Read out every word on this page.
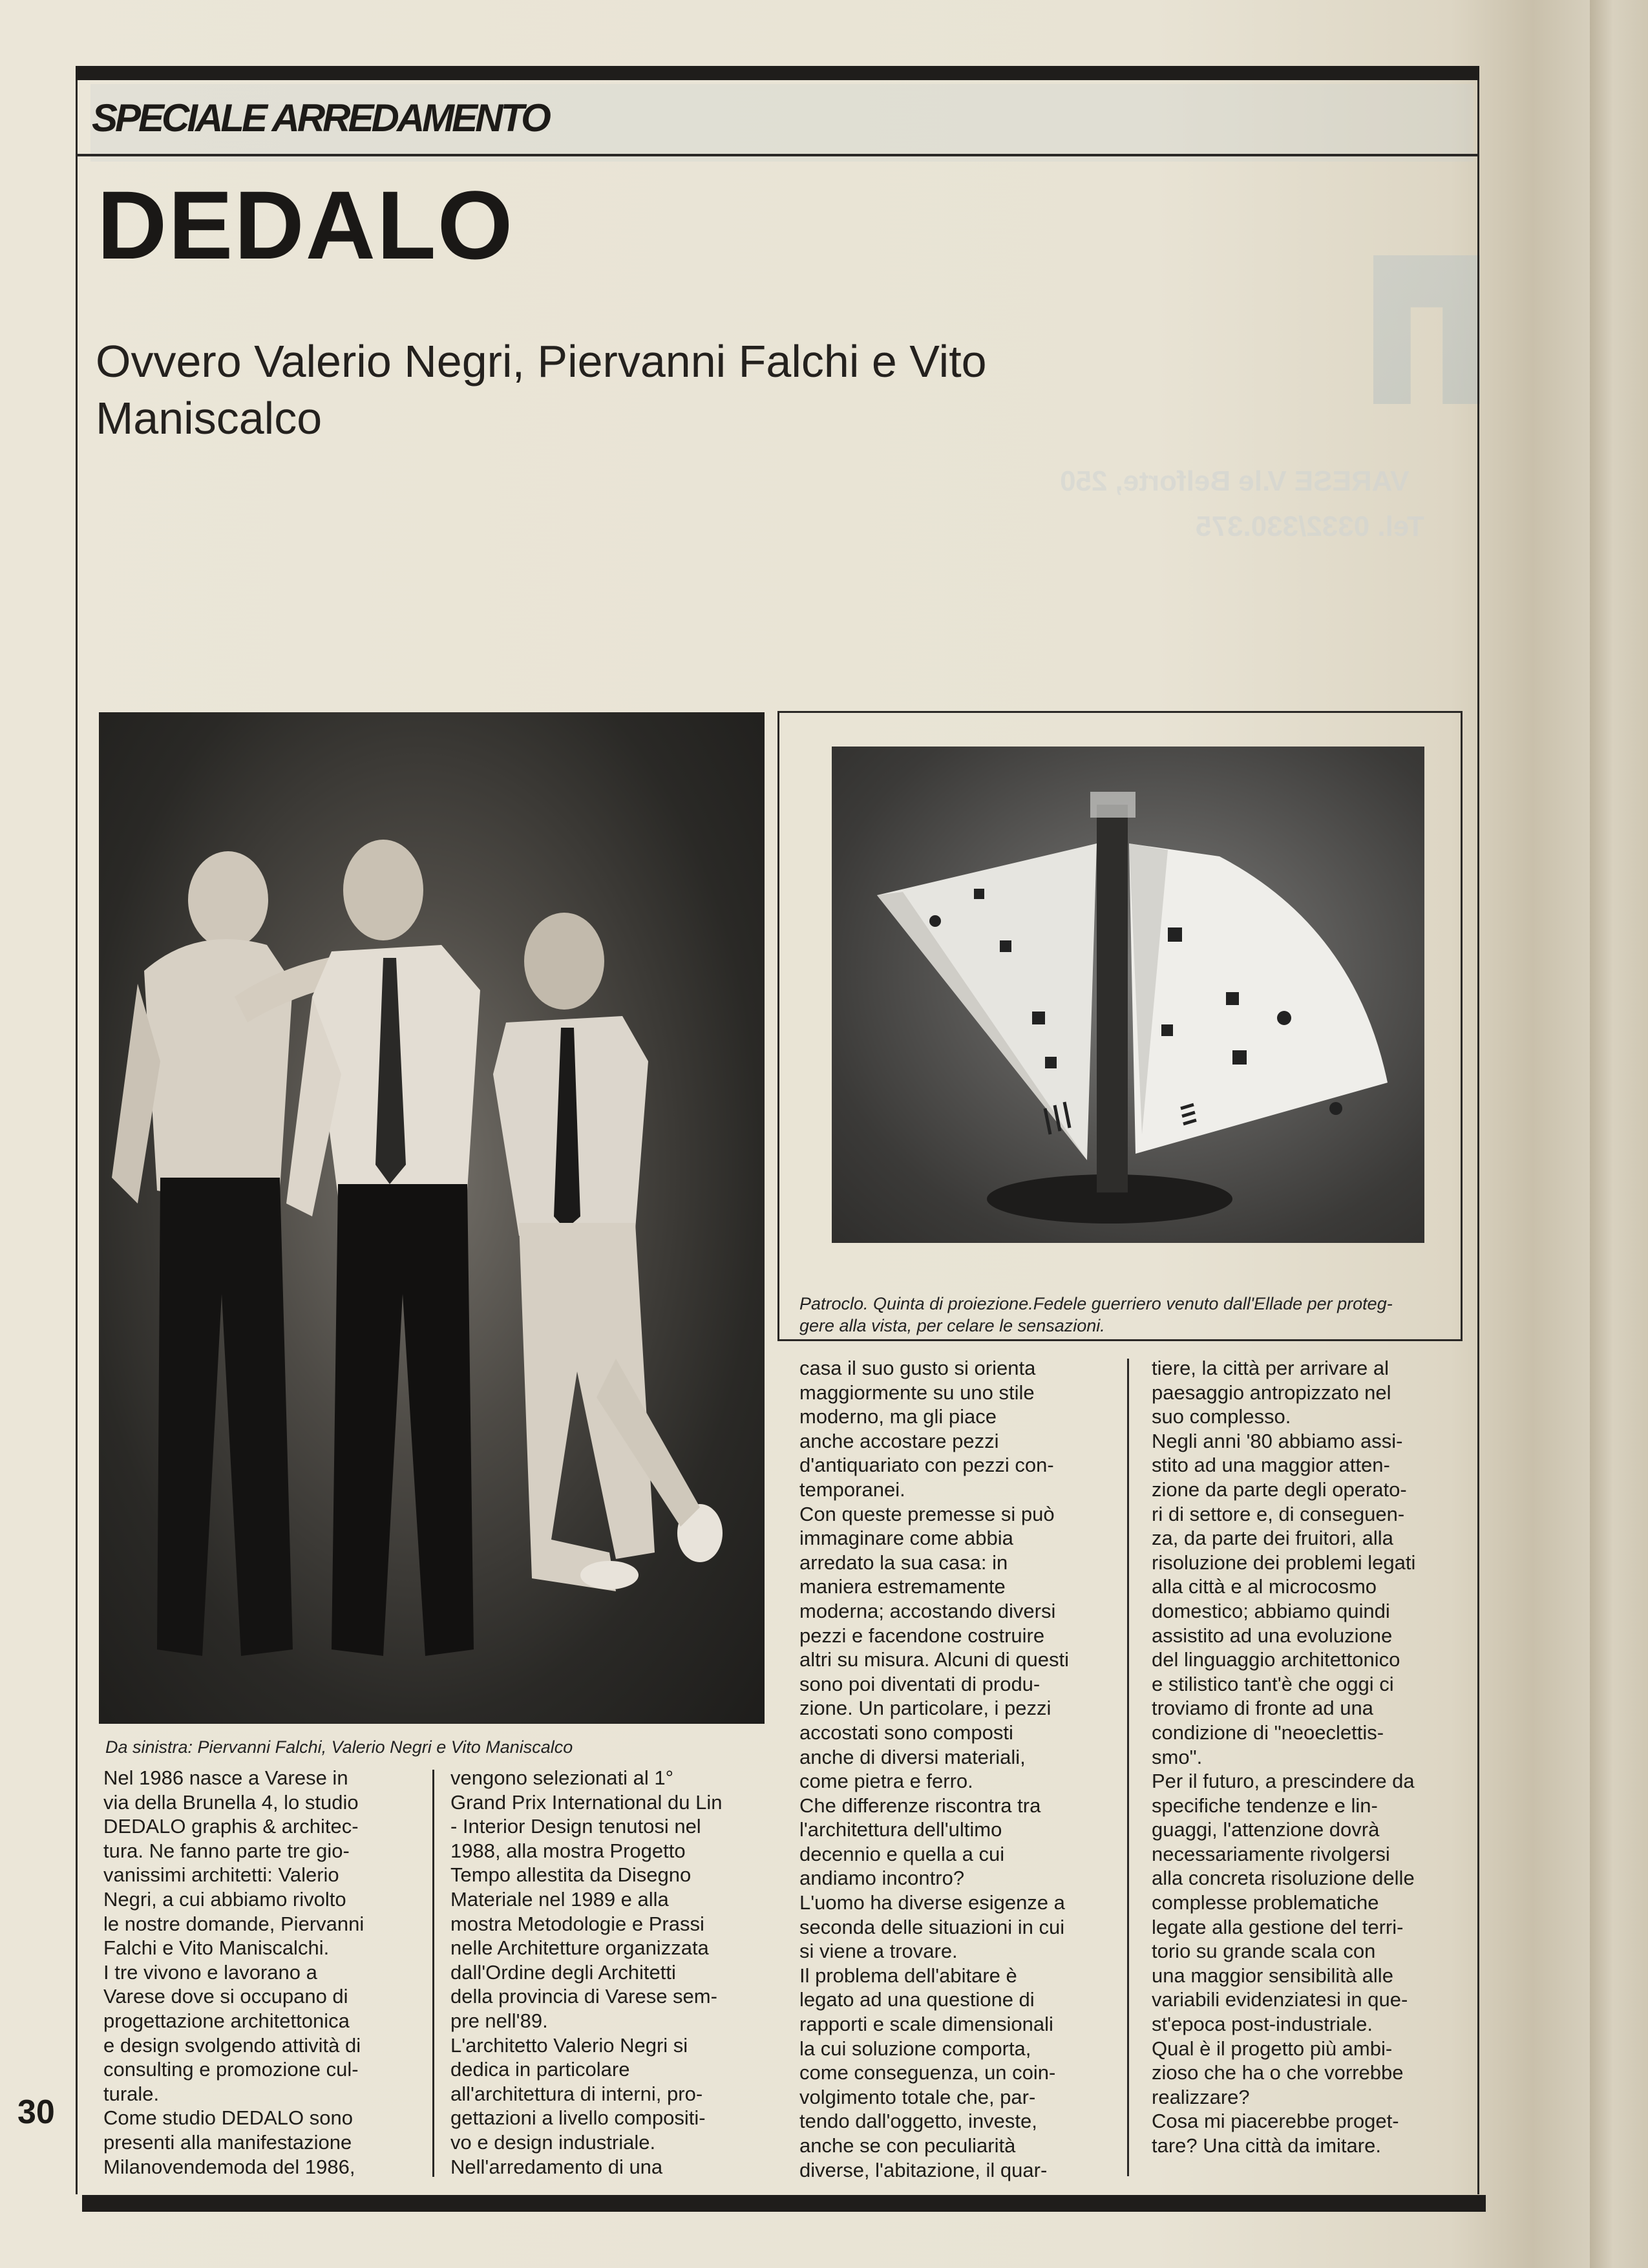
VARESE V.le Belforte, 250
Tel. 0332/330.375
SPECIALE ARREDAMENTO
DEDALO
Ovvero Valerio Negri, Piervanni Falchi e Vito Maniscalco
Da sinistra: Piervanni Falchi, Valerio Negri e Vito Maniscalco
Patroclo. Quinta di proiezione.Fedele guerriero venuto dall'Ellade per proteg-
gere alla vista, per celare le sensazioni.

Nel 1986 nasce a Varese in

via della Brunella 4, lo studio

DEDALO graphis & architec-

tura. Ne fanno parte tre gio-

vanissimi architetti: Valerio

Negri, a cui abbiamo rivolto

le nostre domande, Piervanni

Falchi e Vito Maniscalchi.

I tre vivono e lavorano a

Varese dove si occupano di

progettazione architettonica

e design svolgendo attività di

consulting e promozione cul-

turale.

Come studio DEDALO sono

presenti alla manifestazione

Milanovendemoda del 1986,

vengono selezionati al 1°

Grand Prix International du Lin

- Interior Design tenutosi nel

1988, alla mostra Progetto

Tempo allestita da Disegno

Materiale nel 1989 e alla

mostra Metodologie e Prassi

nelle Architetture organizzata

dall'Ordine degli Architetti

della provincia di Varese sem-

pre nell'89.

L'architetto Valerio Negri si

dedica in particolare

all'architettura di interni, pro-

gettazioni a livello compositi-

vo e design industriale.

Nell'arredamento di una

casa il suo gusto si orienta

maggiormente su uno stile

moderno, ma gli piace

anche accostare pezzi

d'antiquariato con pezzi con-

temporanei.

Con queste premesse si può

immaginare come abbia

arredato la sua casa: in

maniera estremamente

moderna; accostando diversi

pezzi e facendone costruire

altri su misura. Alcuni di questi

sono poi diventati di produ-

zione. Un particolare, i pezzi

accostati sono composti

anche di diversi materiali,

come pietra e ferro.

Che differenze riscontra tra

l'architettura dell'ultimo

decennio e quella a cui

andiamo incontro?

L'uomo ha diverse esigenze a

seconda delle situazioni in cui

si viene a trovare.

Il problema dell'abitare è

legato ad una questione di

rapporti e scale dimensionali

la cui soluzione comporta,

come conseguenza, un coin-

volgimento totale che, par-

tendo dall'oggetto, investe,

anche se con peculiarità

diverse, l'abitazione, il quar-

tiere, la città per arrivare al

paesaggio antropizzato nel

suo complesso.

Negli anni '80 abbiamo assi-

stito ad una maggior atten-

zione da parte degli operato-

ri di settore e, di conseguen-

za, da parte dei fruitori, alla

risoluzione dei problemi legati

alla città e al microcosmo

domestico; abbiamo quindi

assistito ad una evoluzione

del linguaggio architettonico

e stilistico tant'è che oggi ci

troviamo di fronte ad una

condizione di "neoeclettis-

smo".

Per il futuro, a prescindere da

specifiche tendenze e lin-

guaggi, l'attenzione dovrà

necessariamente rivolgersi

alla concreta risoluzione delle

complesse problematiche

legate alla gestione del terri-

torio su grande scala con

una maggior sensibilità alle

variabili evidenziatesi in que-

st'epoca post-industriale.

Qual è il progetto più ambi-

zioso che ha o che vorrebbe

realizzare?

Cosa mi piacerebbe proget-

tare? Una città da imitare.

30
